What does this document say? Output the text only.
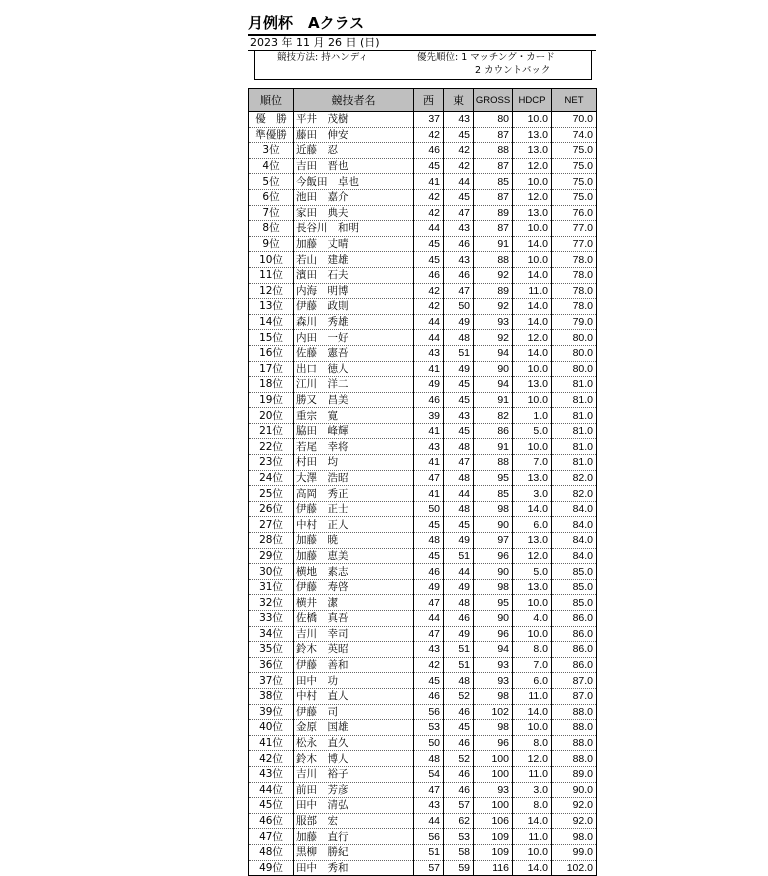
月例杯　Aクラス
2023 年 11 月 26 日 (日)
競技方法: 持ハンディ	優先順位: 1 マッチング・カード
2 カウントバック
順位	競技者名	西	東	GROSS	HDCP	NET
優　勝	平井　茂樹	37	43	80	10.0	70.0
準優勝	藤田　伸安	42	45	87	13.0	74.0
3位	近藤　忍	46	42	88	13.0	75.0
4位	吉田　晋也	45	42	87	12.0	75.0
5位	今飯田　卓也	41	44	85	10.0	75.0
6位	池田　嘉介	42	45	87	12.0	75.0
7位	家田　典夫	42	47	89	13.0	76.0
8位	長谷川　和明	44	43	87	10.0	77.0
9位	加藤　丈晴	45	46	91	14.0	77.0
10位	若山　建雄	45	43	88	10.0	78.0
11位	濱田　石夫	46	46	92	14.0	78.0
12位	内海　明博	42	47	89	11.0	78.0
13位	伊藤　政則	42	50	92	14.0	78.0
14位	森川　秀雄	44	49	93	14.0	79.0
15位	内田　一好	44	48	92	12.0	80.0
16位	佐藤　憲吾	43	51	94	14.0	80.0
17位	出口　徳人	41	49	90	10.0	80.0
18位	江川　洋二	49	45	94	13.0	81.0
19位	勝又　昌美	46	45	91	10.0	81.0
20位	重宗　寛	39	43	82	1.0	81.0
21位	脇田　峰輝	41	45	86	5.0	81.0
22位	若尾　幸将	43	48	91	10.0	81.0
23位	村田　均	41	47	88	7.0	81.0
24位	大澤　浩昭	47	48	95	13.0	82.0
25位	高岡　秀正	41	44	85	3.0	82.0
26位	伊藤　正士	50	48	98	14.0	84.0
27位	中村　正人	45	45	90	6.0	84.0
28位	加藤　暁	48	49	97	13.0	84.0
29位	加藤　恵美	45	51	96	12.0	84.0
30位	横地　素志	46	44	90	5.0	85.0
31位	伊藤　寿啓	49	49	98	13.0	85.0
32位	横井　潔	47	48	95	10.0	85.0
33位	佐橋　真吾	44	46	90	4.0	86.0
34位	吉川　幸司	47	49	96	10.0	86.0
35位	鈴木　英昭	43	51	94	8.0	86.0
36位	伊藤　善和	42	51	93	7.0	86.0
37位	田中　功	45	48	93	6.0	87.0
38位	中村　直人	46	52	98	11.0	87.0
39位	伊藤　司	56	46	102	14.0	88.0
40位	金原　国雄	53	45	98	10.0	88.0
41位	松永　直久	50	46	96	8.0	88.0
42位	鈴木　博人	48	52	100	12.0	88.0
43位	吉川　裕子	54	46	100	11.0	89.0
44位	前田　芳彦	47	46	93	3.0	90.0
45位	田中　清弘	43	57	100	8.0	92.0
46位	服部　宏	44	62	106	14.0	92.0
47位	加藤　直行	56	53	109	11.0	98.0
48位	黒柳　勝紀	51	58	109	10.0	99.0
49位	田中　秀和	57	59	116	14.0	102.0
